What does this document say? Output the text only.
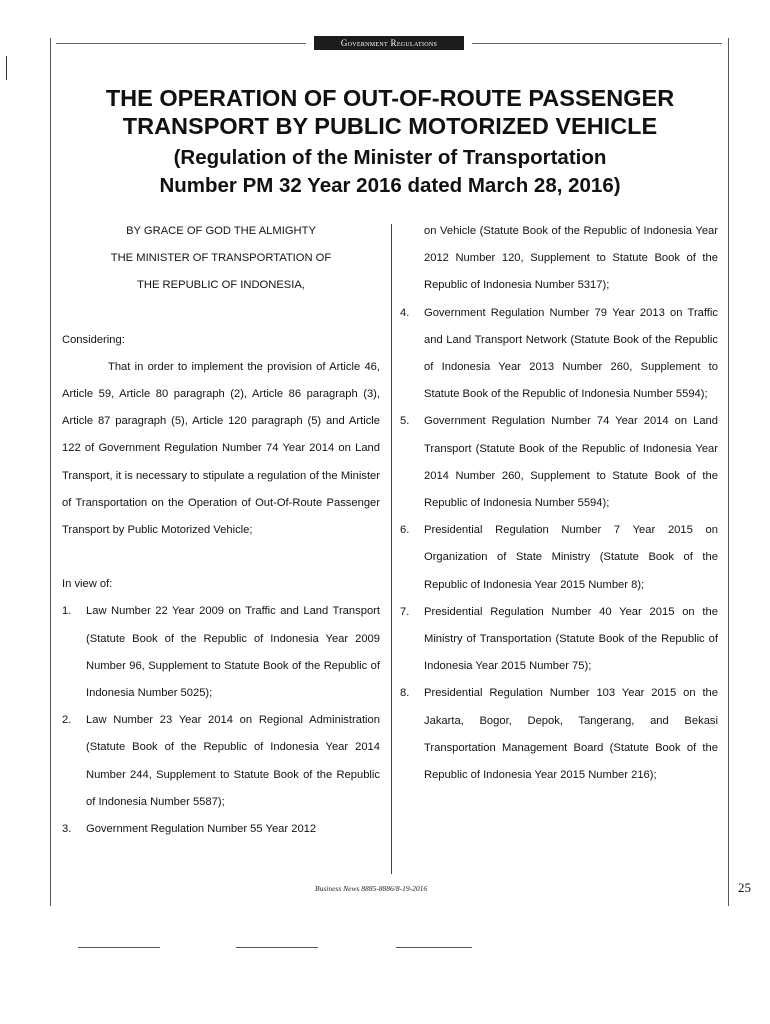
Government Regulations
THE OPERATION OF OUT-OF-ROUTE PASSENGER
TRANSPORT BY PUBLIC MOTORIZED VEHICLE
(Regulation of the Minister of Transportation
Number PM 32 Year 2016 dated March 28, 2016)

BY GRACE OF GOD THE ALMIGHTY

THE MINISTER OF TRANSPORTATION OF

THE REPUBLIC OF INDONESIA,

Considering:

That in order to implement the provision of Article 46, Article 59, Article 80 paragraph (2), Article 86 paragraph (3), Article 87 paragraph (5), Article 120 paragraph (5) and Article 122 of Government Regulation Number 74 Year 2014 on Land Transport, it is necessary to stipulate a regulation of the Minister of Transportation on the Operation of Out-Of-Route Passenger Transport by Public Motorized Vehicle;

In view of:

1.	Law Number 22 Year 2009 on Traffic and Land Transport (Statute Book of the Republic of Indonesia Year 2009 Number 96, Supplement to Statute Book of the Republic of Indonesia Number 5025);
2.	Law Number 23 Year 2014 on Regional Administration (Statute Book of the Republic of Indonesia Year 2014 Number 244, Supplement to Statute Book of the Republic of Indonesia Number 5587);
3.	Government Regulation Number 55 Year 2012

on Vehicle (Statute Book of the Republic of Indonesia Year 2012 Number 120, Supplement to Statute Book of the Republic of Indonesia Number 5317);

4.	Government Regulation Number 79 Year 2013 on Traffic and Land Transport Network (Statute Book of the Republic of Indonesia Year 2013 Number 260, Supplement to Statute Book of the Republic of Indonesia Number 5594);
5.	Government Regulation Number 74 Year 2014 on Land Transport (Statute Book of the Republic of Indonesia Year 2014 Number 260, Supplement to Statute Book of the Republic of Indonesia Number 5594);
6.	Presidential Regulation Number 7 Year 2015 on Organization of State Ministry (Statute Book of the Republic of Indonesia Year 2015 Number 8);
7.	Presidential Regulation Number 40 Year 2015 on the Ministry of Transportation (Statute Book of the Republic of Indonesia Year 2015 Number 75);
8.	Presidential Regulation Number 103 Year 2015 on the Jakarta, Bogor, Depok, Tangerang, and Bekasi Transportation Management Board (Statute Book of the Republic of Indonesia Year 2015 Number 216);
Business News 8885-8886/8-19-2016	25
